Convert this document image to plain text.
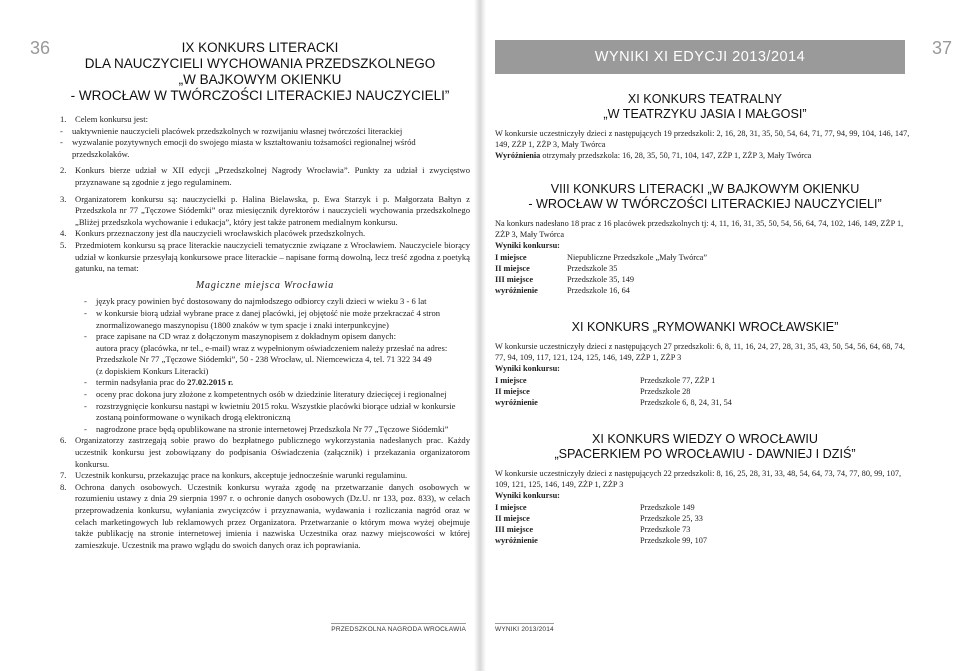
36	IX KONKURS LITERACKI
DLA NAUCZYCIELI WYCHOWANIA PRZEDSZKOLNEGO
„W BAJKOWYM OKIENKU
- WROCŁAW W TWÓRCZOŚCI LITERACKIEJ NAUCZYCIELI”
1. Celem konkursu jest:
-	uaktywnienie nauczycieli placówek przedszkolnych w rozwijaniu własnej twórczości literackiej
-	wyzwalanie pozytywnych emocji do swojego miasta w kształtowaniu tożsamości regionalnej wśród przedszkolaków.
2. Konkurs bierze udział w XII edycji „Przedszkolnej Nagrody Wrocławia”. Punkty za udział i zwycięstwo przyznawane są zgodnie z jego regulaminem.
3. Organizatorem konkursu są: nauczycielki p. Halina Bielawska, p. Ewa Starzyk i p. Małgorzata Bałtyn z Przedszkola nr 77 „Tęczowe Siódemki” oraz miesięcznik dyrektorów i nauczycieli wychowania przedszkolnego „Bliżej przedszkola wychowanie i edukacja”, który jest także patronem medialnym konkursu.
4. Konkurs przeznaczony jest dla nauczycieli wrocławskich placówek przedszkolnych.
5. Przedmiotem konkursu są prace literackie nauczycieli tematycznie związane z Wrocławiem. Nauczyciele biorący udział w konkursie przesyłają konkursowe prace literackie – napisane formą dowolną, lecz treść zgodna z poetyką gatunku, na temat:
Magiczne miejsca Wrocławia
-	język pracy powinien być dostosowany do najmłodszego odbiorcy czyli dzieci w wieku 3 - 6 lat
-	w konkursie biorą udział wybrane prace z danej placówki, jej objętość nie może przekraczać 4 stron znormalizowanego maszynopisu (1800 znaków w tym spacje i znaki interpunkcyjne)
-	prace zapisane na CD wraz z dołączonym maszynopisem z dokładnym opisem danych:
autora pracy (placówka, nr tel., e-mail) wraz z wypełnionym oświadczeniem należy przesłać na adres:
Przedszkole Nr 77 „Tęczowe Siódemki”, 50 - 238 Wrocław, ul. Niemcewicza 4, tel. 71 322 34 49
(z dopiskiem Konkurs Literacki)
-	termin nadsyłania prac do 27.02.2015 r.
-	oceny prac dokona jury złożone z kompetentnych osób w dziedzinie literatury dziecięcej i regionalnej
-	rozstrzygnięcie konkursu nastąpi w kwietniu 2015 roku. Wszystkie placówki biorące udział w konkursie zostaną poinformowane o wynikach drogą elektroniczną
-	nagrodzone prace będą opublikowane na stronie internetowej Przedszkola Nr 77 „Tęczowe Siódemki”
6. Organizatorzy zastrzegają sobie prawo do bezpłatnego publicznego wykorzystania nadesłanych prac. Każdy uczestnik konkursu jest zobowiązany do podpisania Oświadczenia (załącznik) i przekazania organizatorom konkursu.
7. Uczestnik konkursu, przekazując prace na konkurs, akceptuje jednocześnie warunki regulaminu.
8. Ochrona danych osobowych. Uczestnik konkursu wyraża zgodę na przetwarzanie danych osobowych w rozumieniu ustawy z dnia 29 sierpnia 1997 r. o ochronie danych osobowych (Dz.U. nr 133, poz. 833), w celach przeprowadzenia konkursu, wyłaniania zwycięzców i przyznawania, wydawania i rozliczania nagród oraz w celach marketingowych lub reklamowych przez Organizatora. Przetwarzanie o którym mowa wyżej obejmuje także publikację na stronie internetowej imienia i nazwiska Uczestnika oraz nazwy miejscowości w której zamieszkuje. Uczestnik ma prawo wglądu do swoich danych oraz ich poprawiania.
PRZEDSZKOLNA NAGRODA WROCŁAWIA
37
WYNIKI XI EDYCJI 2013/2014
XI KONKURS TEATRALNY
„W TEATRZYKU JASIA I MAŁGOSI”
W konkursie uczestniczyły dzieci z następujących 19 przedszkoli: 2, 16, 28, 31, 35, 50, 54, 64, 71, 77, 94, 99, 104, 146, 147, 149, ZŻP 1, ZŻP 3, Mały Twórca
Wyróżnienia otrzymały przedszkola: 16, 28, 35, 50, 71, 104, 147, ZŻP 1, ZŻP 3, Mały Twórca
VIII KONKURS LITERACKI „W BAJKOWYM OKIENKU
- WROCŁAW W TWÓRCZOŚCI LITERACKIEJ NAUCZYCIELI”
Na konkurs nadesłano 18 prac z 16 placówek przedszkolnych tj: 4, 11, 16, 31, 35, 50, 54, 56, 64, 74, 102, 146, 149, ZŻP 1, ZŻP 3, Mały Twórca
Wyniki konkursu:
I miejsce	Niepubliczne Przedszkole „Mały Twórca”
II miejsce	Przedszkole 35
III miejsce	Przedszkole 35, 149
wyróżnienie	Przedszkole 16, 64
XI KONKURS „RYMOWANKI WROCŁAWSKIE”
W konkursie uczestniczyły dzieci z następujących 27 przedszkoli: 6, 8, 11, 16, 24, 27, 28, 31, 35, 43, 50, 54, 56, 64, 68, 74, 77, 94, 109, 117, 121, 124, 125, 146, 149, ZŻP 1, ZŻP 3
Wyniki konkursu:
I miejsce	Przedszkole 77, ZŻP 1
II miejsce	Przedszkole 28
wyróżnienie	Przedszkole 6, 8, 24, 31, 54
XI KONKURS WIEDZY O WROCŁAWIU
„SPACERKIEM PO WROCŁAWIU - DAWNIEJ I DZIŚ”
W konkursie uczestniczyły dzieci z następujących 22 przedszkoli: 8, 16, 25, 28, 31, 33, 48, 54, 64, 73, 74, 77, 80, 99, 107, 109, 121, 125, 146, 149, ZŻP 1, ZŻP 3
Wyniki konkursu:
I miejsce	Przedszkole 149
II miejsce	Przedszkole 25, 33
III miejsce	Przedszkole 73
wyróżnienie	Przedszkole 99, 107
WYNIKI 2013/2014
